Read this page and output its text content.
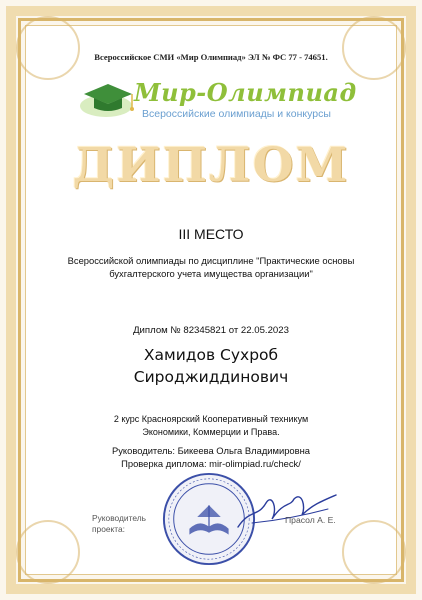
Всероссийское СМИ «Мир Олимпиад» ЭЛ № ФС 77 - 74651.
Мир-Олимпиад
Всероссийские олимпиады и конкурсы
ДИПЛОМ
III МЕСТО
Всероссийской олимпиады по дисциплине "Практические основы
бухгалтерского учета имущества организации"
Диплом № 82345821 от 22.05.2023
Хамидов Сухроб
Сироджиддинович
2 курс Красноярский Кооперативный техникум
Экономики, Коммерции и Права.
Руководитель: Бикеева Ольга Владимировна
Проверка диплома: mir-olimpiad.ru/check/
Руководитель
проекта:
Прасол А. Е.
